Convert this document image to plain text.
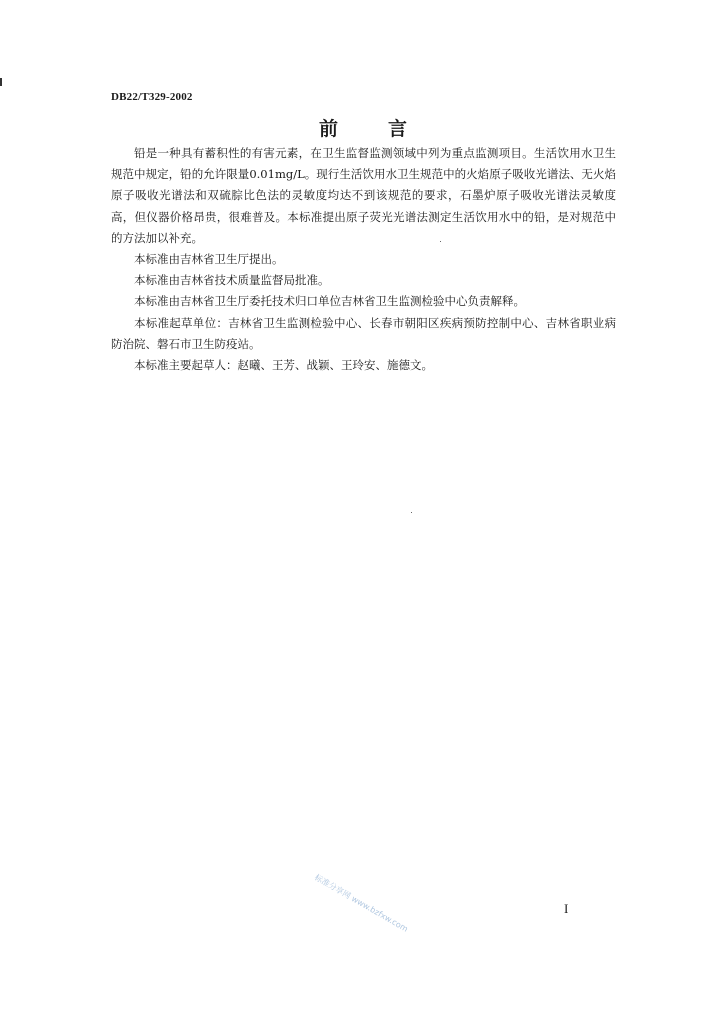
DB22/T329-2002
前	言

铅是一种具有蓄积性的有害元素，在卫生监督监测领域中列为重点监测项目。生活饮用水卫生规范中规定，铅的允许限量0.01mg/L。现行生活饮用水卫生规范中的火焰原子吸收光谱法、无火焰原子吸收光谱法和双硫腙比色法的灵敏度均达不到该规范的要求，石墨炉原子吸收光谱法灵敏度高，但仪器价格昂贵，很难普及。本标准提出原子荧光光谱法测定生活饮用水中的铅，是对规范中的方法加以补充。

本标准由吉林省卫生厅提出。

本标准由吉林省技术质量监督局批准。

本标准由吉林省卫生厅委托技术归口单位吉林省卫生监测检验中心负责解释。

本标准起草单位：吉林省卫生监测检验中心、长春市朝阳区疾病预防控制中心、吉林省职业病防治院、磐石市卫生防疫站。

本标准主要起草人：赵曦、王芳、战颖、王玲安、施德文。

标准分享网 www.bzfxw.com	I
